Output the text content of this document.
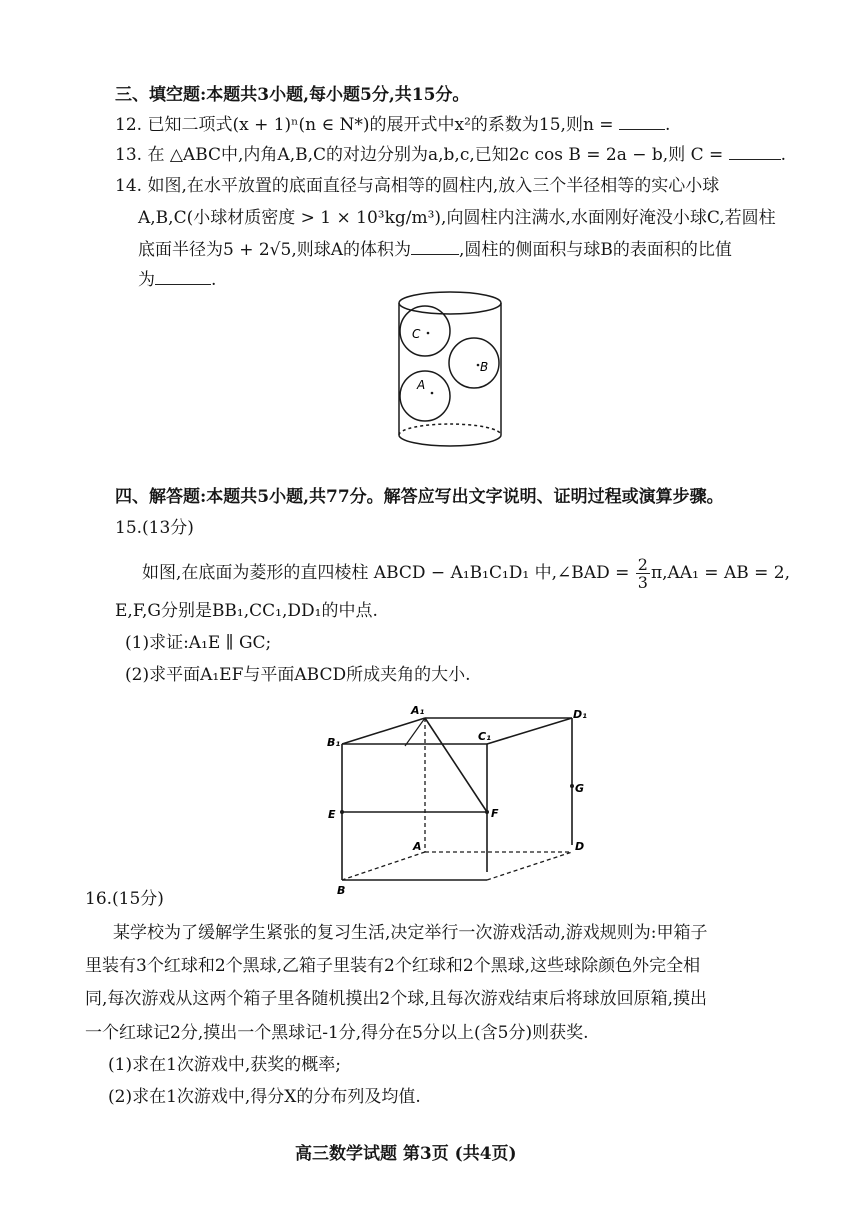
三、填空题:本题共3小题,每小题5分,共15分。
12. 已知二项式(x + 1)ⁿ(n ∈ N*)的展开式中x²的系数为15,则n =	.
13. 在 △ABC中,内角A,B,C的对边分别为a,b,c,已知2c cos B = 2a − b,则 C =	.
14. 如图,在水平放置的底面直径与高相等的圆柱内,放入三个半径相等的实心小球
A,B,C(小球材质密度 > 1 × 10³kg/m³),向圆柱内注满水,水面刚好淹没小球C,若圆柱
底面半径为5 + 2√5,则球A的体积为	,圆柱的侧面积与球B的表面积的比值
为	.
C
B
A
四、解答题:本题共5小题,共77分。解答应写出文字说明、证明过程或演算步骤。
15.(13分)
如图,在底面为菱形的直四棱柱 ABCD − A₁B₁C₁D₁ 中,∠BAD = $\frac{2}{3} \pi,AA_1$ = AB = 2,
E,F,G分别是BB₁,CC₁,DD₁的中点.
(1)求证:A₁E ∥ GC;
(2)求平面A₁EF与平面ABCD所成夹角的大小.
A₁	D₁
B₁	C₁
G
E	F
A	D
B
16.(15分)
某学校为了缓解学生紧张的复习生活,决定举行一次游戏活动,游戏规则为:甲箱子
里装有3个红球和2个黑球,乙箱子里装有2个红球和2个黑球,这些球除颜色外完全相
同,每次游戏从这两个箱子里各随机摸出2个球,且每次游戏结束后将球放回原箱,摸出
一个红球记2分,摸出一个黑球记-1分,得分在5分以上(含5分)则获奖.
(1)求在1次游戏中,获奖的概率;
(2)求在1次游戏中,得分X的分布列及均值.
高三数学试题 第3页 (共4页)
